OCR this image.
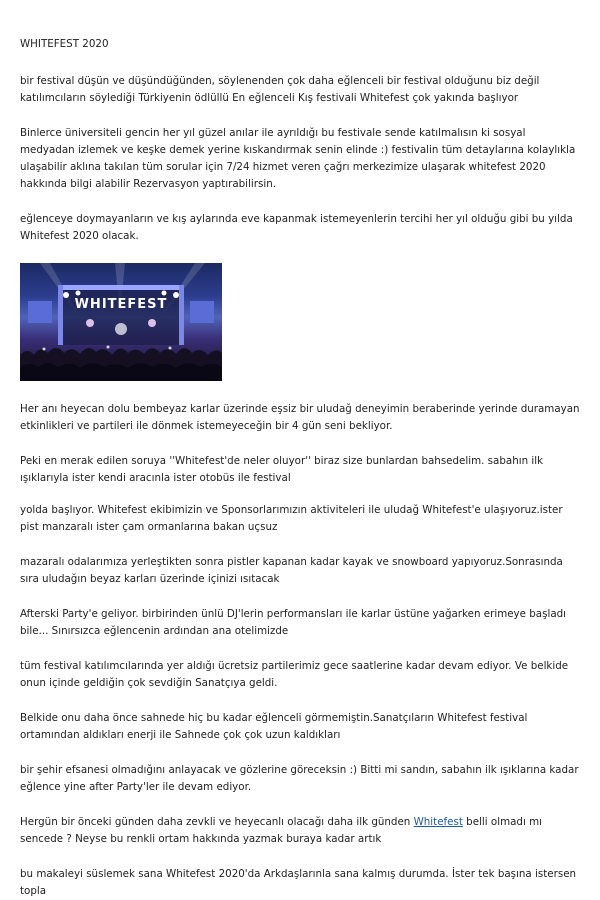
WHITEFEST 2020

bir festival düşün ve düşündüğünden, söylenenden çok daha eğlenceli bir festival olduğunu biz değil katılımcıların söylediği Türkiyenin ödlüllü En eğlenceli Kış festivali Whitefest çok yakında başlıyor

Binlerce üniversiteli gencin her yıl güzel anılar ile ayrıldığı bu festivale sende katılmalısın ki sosyal medyadan izlemek ve keşke demek yerine kıskandırmak senin elinde :) festivalin tüm detaylarına kolaylıkla ulaşabilir aklına takılan tüm sorular için 7/24 hizmet veren çağrı merkezimize ulaşarak whitefest 2020 hakkında bilgi alabilir Rezervasyon yaptırabilirsin.

eğlenceye doymayanların ve kış aylarında eve kapanmak istemeyenlerin tercihi her yıl olduğu gibi bu yılda Whitefest 2020 olacak.

WHITEFEST

Her anı heyecan dolu bembeyaz karlar üzerinde eşsiz bir uludağ deneyimin beraberinde yerinde duramayan etkinlikleri ve partileri ile dönmek istemeyeceğin bir 4 gün seni bekliyor.

Peki en merak edilen soruya ''Whitefest'de neler oluyor'' biraz size bunlardan bahsedelim. sabahın ilk ışıklarıyla ister kendi aracınla ister otobüs ile festival

yolda başlıyor. Whitefest ekibimizin ve Sponsorlarımızın aktiviteleri ile uludağ Whitefest'e ulaşıyoruz.ister pist manzaralı ister çam ormanlarına bakan uçsuz

mazaralı odalarımıza yerleştikten sonra pistler kapanan kadar kayak ve snowboard yapıyoruz.Sonrasında sıra uludağın beyaz karları üzerinde içinizi ısıtacak

Afterski Party'e geliyor. birbirinden ünlü DJ'lerin performansları ile karlar üstüne yağarken erimeye başladı bile... Sınırsızca eğlencenin ardından ana otelimizde

tüm festival katılımcılarında yer aldığı ücretsiz partilerimiz gece saatlerine kadar devam ediyor. Ve belkide onun içinde geldiğin çok sevdiğin Sanatçıya geldi.

Belkide onu daha önce sahnede hiç bu kadar eğlenceli görmemiştin.Sanatçıların Whitefest festival ortamından aldıkları enerji ile Sahnede çok çok uzun kaldıkları

bir şehir efsanesi olmadığını anlayacak ve gözlerine göreceksin :) Bitti mi sandın, sabahın ilk ışıklarına kadar eğlence yine after Party'ler ile devam ediyor.

Hergün bir önceki günden daha zevkli ve heyecanlı olacağı daha ilk günden Whitefest belli olmadı mı sencede ? Neyse bu renkli ortam hakkında yazmak buraya kadar artık

bu makaleyi süslemek sana Whitefest 2020'da Arkdaşlarınla sana kalmış durumda. İster tek başına istersen topla
